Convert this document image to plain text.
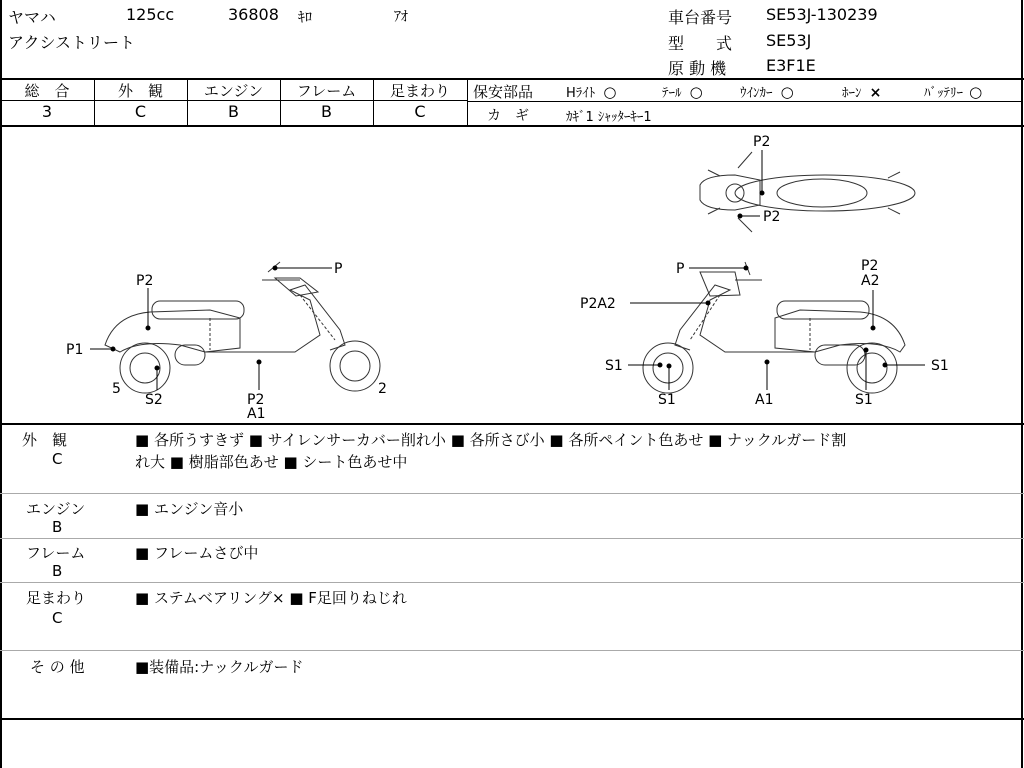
ヤマハ	125cc	36808 ｷﾛ	ｱｵ
アクシストリート
車台番号 SE53J-130239
型　　式 SE53J
原 動 機 E3F1E
総　合	外　観	エンジン	フレーム	足まわり
3	C	B	B	C
保安部品	Hﾗｲﾄ ○	ﾃｰﾙ ○	ｳｲﾝｶｰ ○	ﾎｰﾝ ×	ﾊﾞｯﾃﾘｰ ○
カ　ギ	ｶｷﾞ1 ｼｬｯﾀｰｷｰ1
P
P2
P1
5
S2	P2
A1
2
P
P2A2
P2
A2
S1
S1	A1	S1
S1
P2
P2
外　観
C
■ 各所うすきず ■ サイレンサーカバー削れ小 ■ 各所さび小 ■ 各所ペイント色あせ ■ ナックルガード割
れ大 ■ 樹脂部色あせ ■ シート色あせ中
エンジン
B
■ エンジン音小
フレーム
B
■ フレームさび中
足まわり
C
■ ステムベアリング× ■ F足回りねじれ
そ の 他	■装備品:ナックルガード
